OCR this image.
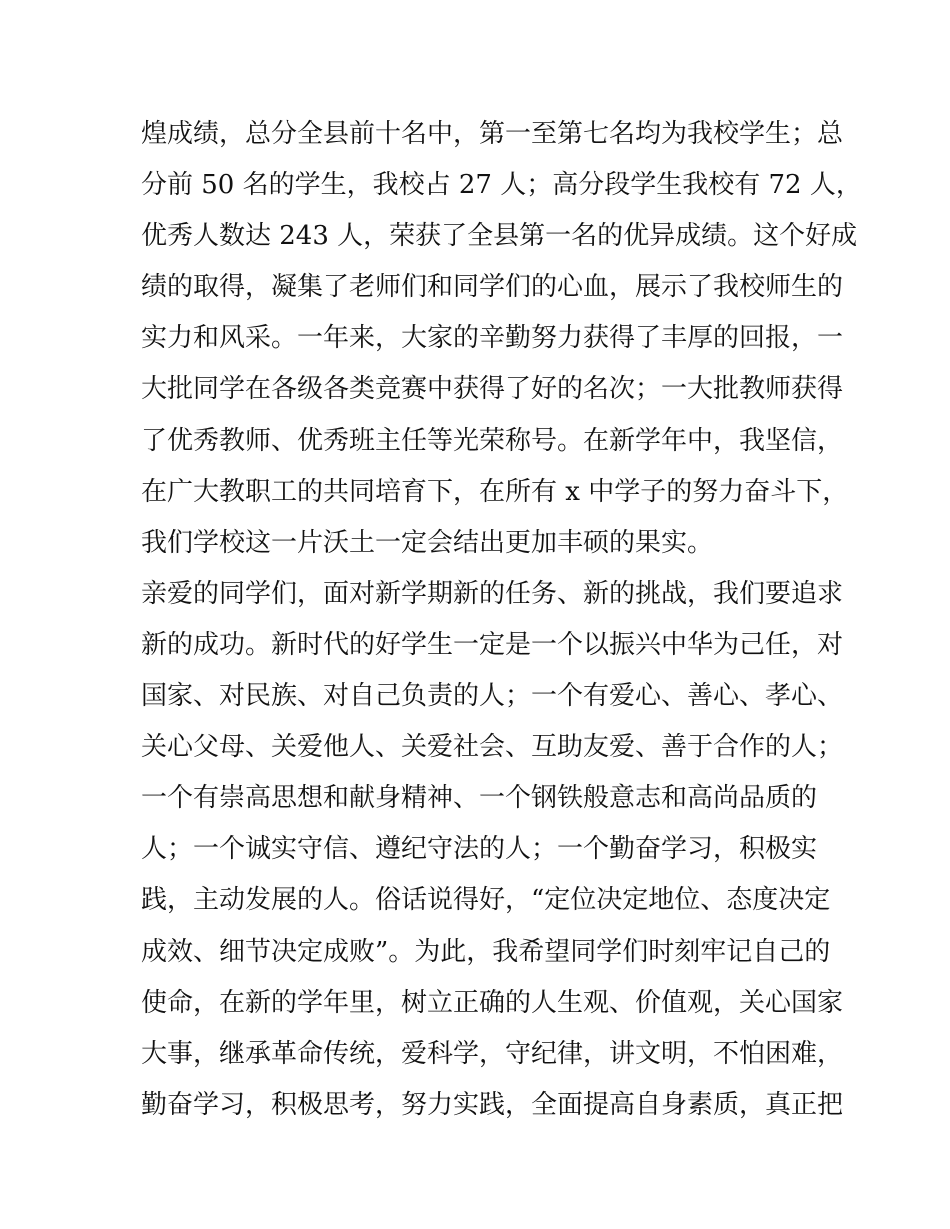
煌成绩，总分全县前十名中，第一至第七名均为我校学生；总
分前 50 名的学生，我校占 27 人；高分段学生我校有 72 人，
优秀人数达 243 人，荣获了全县第一名的优异成绩。这个好成
绩的取得，凝集了老师们和同学们的心血，展示了我校师生的
实力和风采。一年来，大家的辛勤努力获得了丰厚的回报，一
大批同学在各级各类竞赛中获得了好的名次；一大批教师获得
了优秀教师、优秀班主任等光荣称号。在新学年中，我坚信，
在广大教职工的共同培育下，在所有 x 中学子的努力奋斗下，
我们学校这一片沃土一定会结出更加丰硕的果实。
亲爱的同学们，面对新学期新的任务、新的挑战，我们要追求
新的成功。新时代的好学生一定是一个以振兴中华为己任，对
国家、对民族、对自己负责的人；一个有爱心、善心、孝心、
关心父母、关爱他人、关爱社会、互助友爱、善于合作的人；
一个有崇高思想和献身精神、一个钢铁般意志和高尚品质的
人；一个诚实守信、遵纪守法的人；一个勤奋学习，积极实
践，主动发展的人。俗话说得好，“定位决定地位、态度决定
成效、细节决定成败”。为此，我希望同学们时刻牢记自己的
使命，在新的学年里，树立正确的人生观、价值观，关心国家
大事，继承革命传统，爱科学，守纪律，讲文明，不怕困难，
勤奋学习，积极思考，努力实践，全面提高自身素质，真正把
